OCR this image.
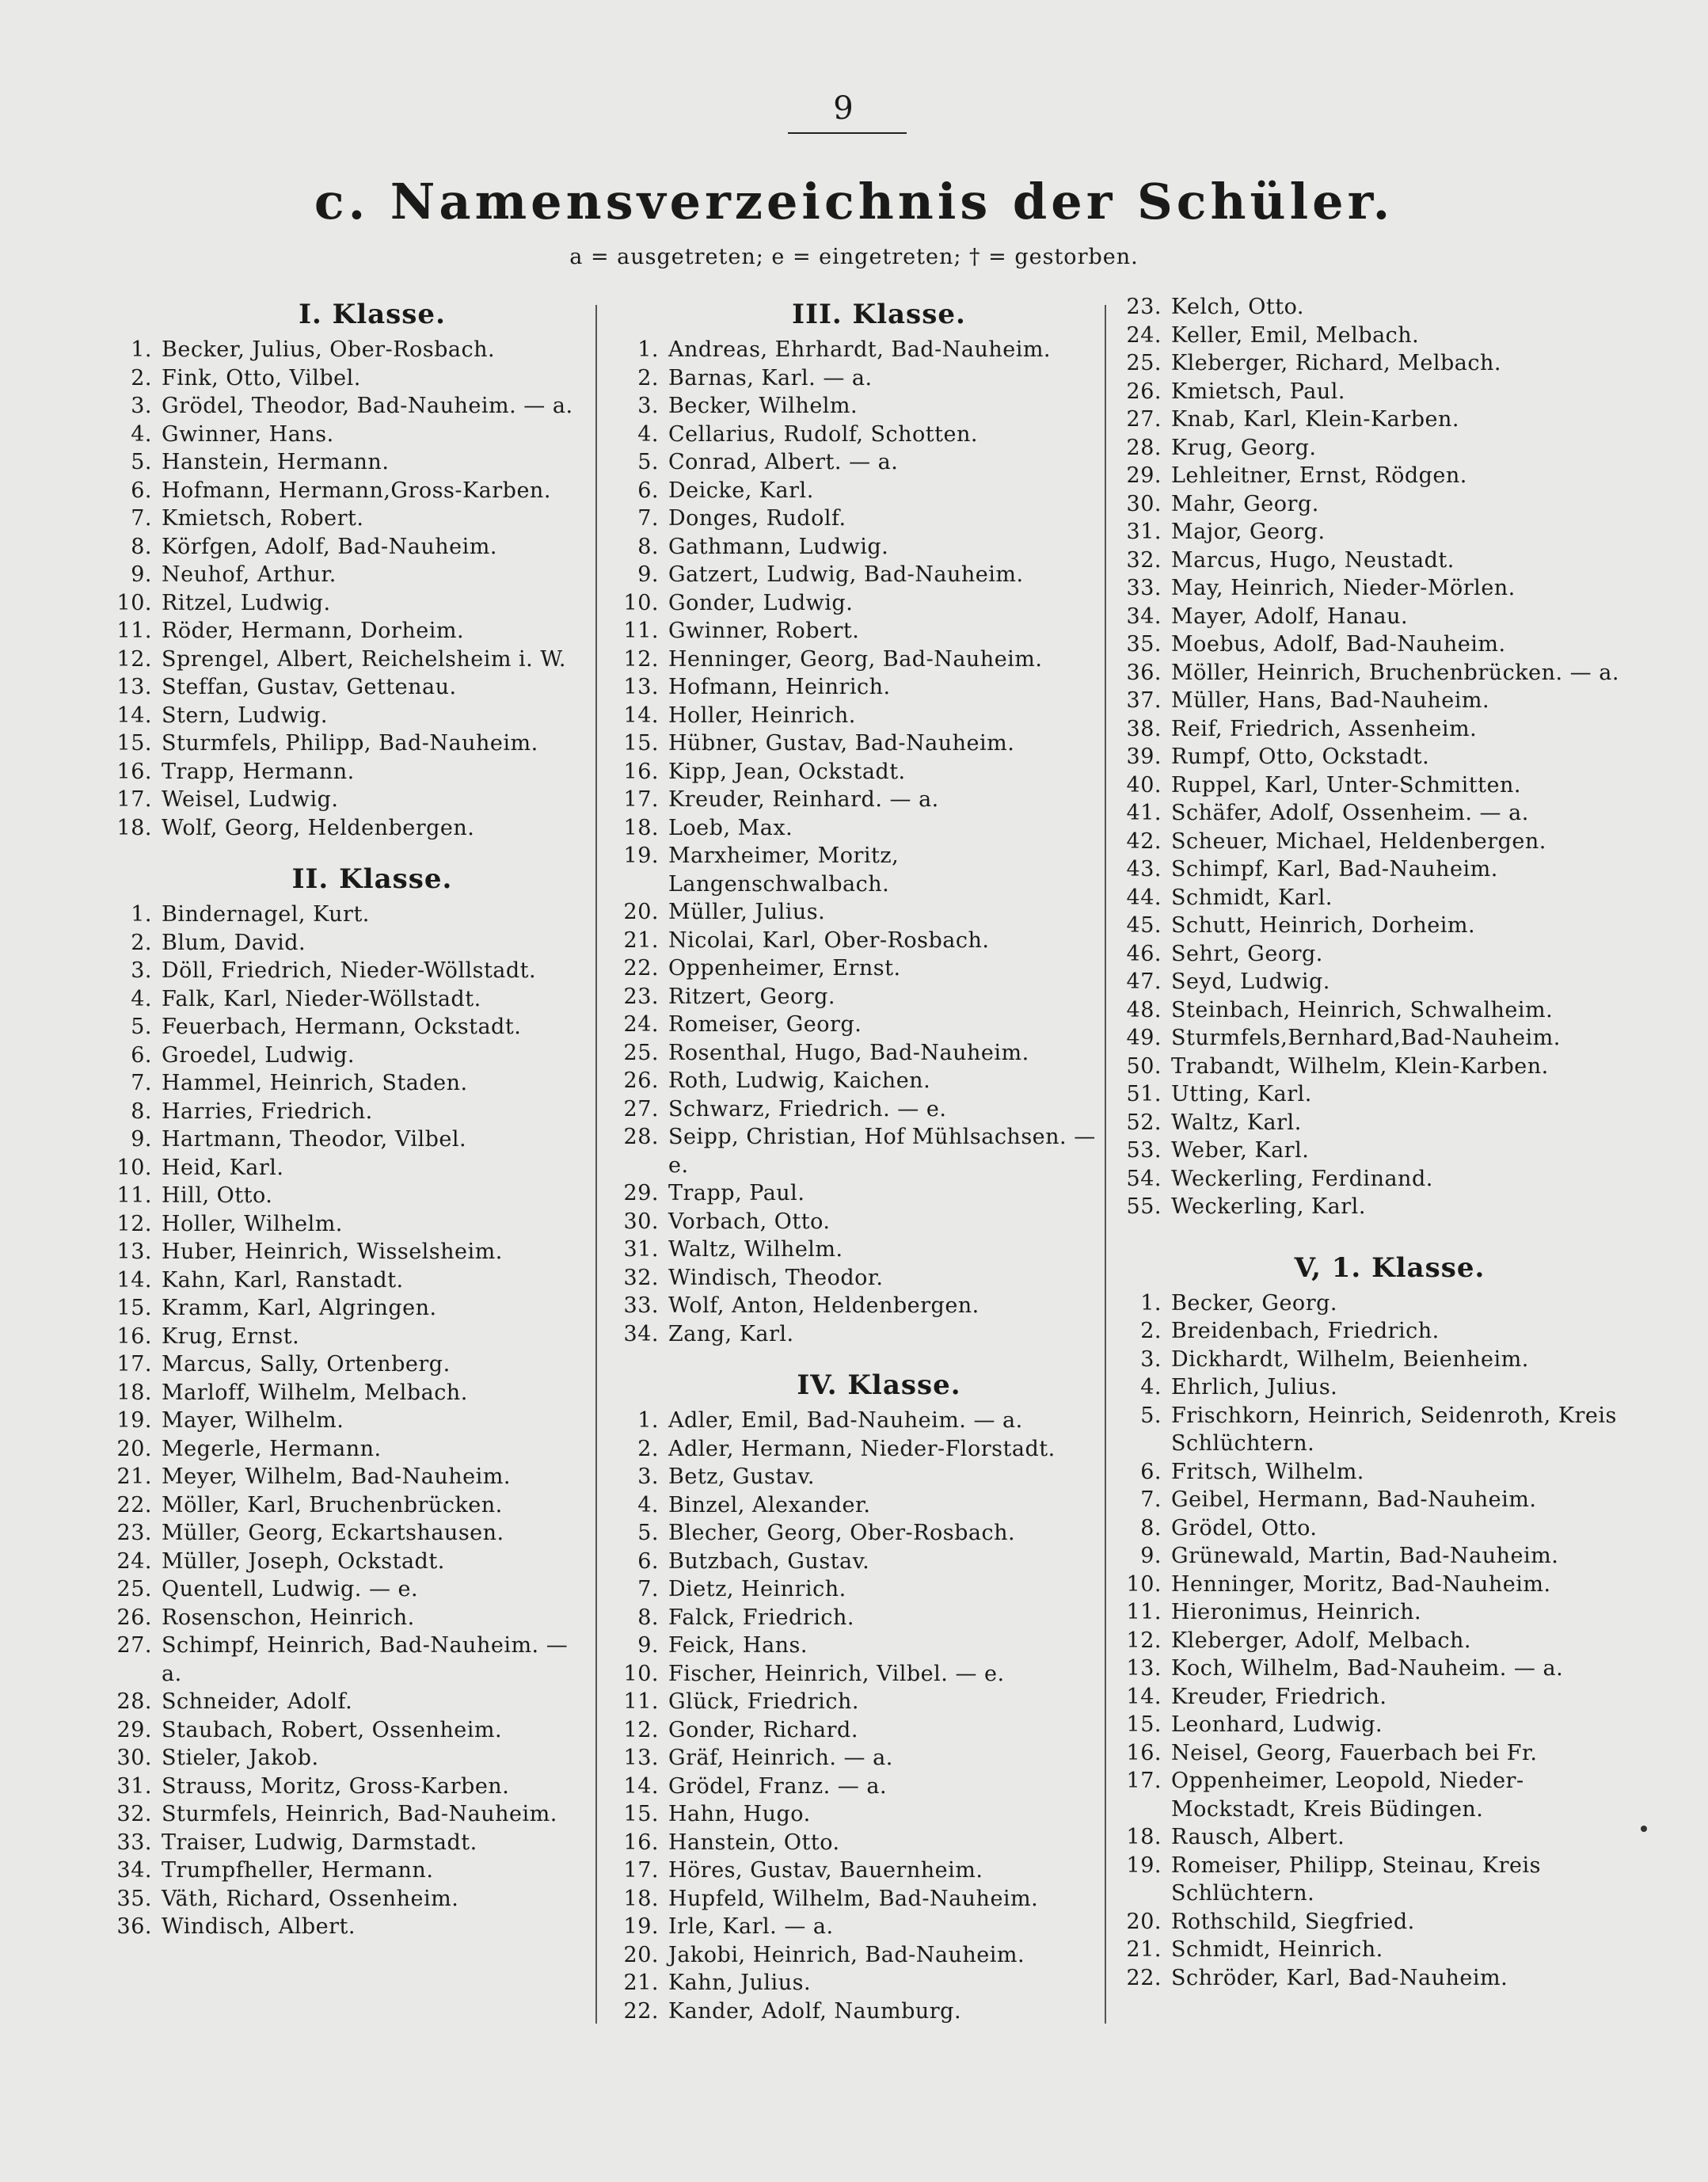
9
c. Namensverzeichnis der Schüler.
a = ausgetreten; e = eingetreten; † = gestorben.
I. Klasse.
1. Becker, Julius, Ober-Rosbach.
2. Fink, Otto, Vilbel.
3. Grödel, Theodor, Bad-Nauheim. — a.
4. Gwinner, Hans.
5. Hanstein, Hermann.
6. Hofmann, Hermann,Gross-Karben.
7. Kmietsch, Robert.
8. Körfgen, Adolf, Bad-Nauheim.
9. Neuhof, Arthur.
10. Ritzel, Ludwig.
11. Röder, Hermann, Dorheim.
12. Sprengel, Albert, Reichelsheim i. W.
13. Steffan, Gustav, Gettenau.
14. Stern, Ludwig.
15. Sturmfels, Philipp, Bad-Nauheim.
16. Trapp, Hermann.
17. Weisel, Ludwig.
18. Wolf, Georg, Heldenbergen.
II. Klasse.
1. Bindernagel, Kurt.
2. Blum, David.
3. Döll, Friedrich, Nieder-Wöllstadt.
4. Falk, Karl, Nieder-Wöllstadt.
5. Feuerbach, Hermann, Ockstadt.
6. Groedel, Ludwig.
7. Hammel, Heinrich, Staden.
8. Harries, Friedrich.
9. Hartmann, Theodor, Vilbel.
10. Heid, Karl.
11. Hill, Otto.
12. Holler, Wilhelm.
13. Huber, Heinrich, Wisselsheim.
14. Kahn, Karl, Ranstadt.
15. Kramm, Karl, Algringen.
16. Krug, Ernst.
17. Marcus, Sally, Ortenberg.
18. Marloff, Wilhelm, Melbach.
19. Mayer, Wilhelm.
20. Megerle, Hermann.
21. Meyer, Wilhelm, Bad-Nauheim.
22. Möller, Karl, Bruchenbrücken.
23. Müller, Georg, Eckartshausen.
24. Müller, Joseph, Ockstadt.
25. Quentell, Ludwig. — e.
26. Rosenschon, Heinrich.
27. Schimpf, Heinrich, Bad-Nauheim. — a.
28. Schneider, Adolf.
29. Staubach, Robert, Ossenheim.
30. Stieler, Jakob.
31. Strauss, Moritz, Gross-Karben.
32. Sturmfels, Heinrich, Bad-Nauheim.
33. Traiser, Ludwig, Darmstadt.
34. Trumpfheller, Hermann.
35. Väth, Richard, Ossenheim.
36. Windisch, Albert.
III. Klasse.
1. Andreas, Ehrhardt, Bad-Nauheim.
2. Barnas, Karl. — a.
3. Becker, Wilhelm.
4. Cellarius, Rudolf, Schotten.
5. Conrad, Albert. — a.
6. Deicke, Karl.
7. Donges, Rudolf.
8. Gathmann, Ludwig.
9. Gatzert, Ludwig, Bad-Nauheim.
10. Gonder, Ludwig.
11. Gwinner, Robert.
12. Henninger, Georg, Bad-Nauheim.
13. Hofmann, Heinrich.
14. Holler, Heinrich.
15. Hübner, Gustav, Bad-Nauheim.
16. Kipp, Jean, Ockstadt.
17. Kreuder, Reinhard. — a.
18. Loeb, Max.
19. Marxheimer, Moritz, Langenschwalbach.
20. Müller, Julius.
21. Nicolai, Karl, Ober-Rosbach.
22. Oppenheimer, Ernst.
23. Ritzert, Georg.
24. Romeiser, Georg.
25. Rosenthal, Hugo, Bad-Nauheim.
26. Roth, Ludwig, Kaichen.
27. Schwarz, Friedrich. — e.
28. Seipp, Christian, Hof Mühlsachsen. — e.
29. Trapp, Paul.
30. Vorbach, Otto.
31. Waltz, Wilhelm.
32. Windisch, Theodor.
33. Wolf, Anton, Heldenbergen.
34. Zang, Karl.
IV. Klasse.
1. Adler, Emil, Bad-Nauheim. — a.
2. Adler, Hermann, Nieder-Florstadt.
3. Betz, Gustav.
4. Binzel, Alexander.
5. Blecher, Georg, Ober-Rosbach.
6. Butzbach, Gustav.
7. Dietz, Heinrich.
8. Falck, Friedrich.
9. Feick, Hans.
10. Fischer, Heinrich, Vilbel. — e.
11. Glück, Friedrich.
12. Gonder, Richard.
13. Gräf, Heinrich. — a.
14. Grödel, Franz. — a.
15. Hahn, Hugo.
16. Hanstein, Otto.
17. Höres, Gustav, Bauernheim.
18. Hupfeld, Wilhelm, Bad-Nauheim.
19. Irle, Karl. — a.
20. Jakobi, Heinrich, Bad-Nauheim.
21. Kahn, Julius.
22. Kander, Adolf, Naumburg.
23. Kelch, Otto.
24. Keller, Emil, Melbach.
25. Kleberger, Richard, Melbach.
26. Kmietsch, Paul.
27. Knab, Karl, Klein-Karben.
28. Krug, Georg.
29. Lehleitner, Ernst, Rödgen.
30. Mahr, Georg.
31. Major, Georg.
32. Marcus, Hugo, Neustadt.
33. May, Heinrich, Nieder-Mörlen.
34. Mayer, Adolf, Hanau.
35. Moebus, Adolf, Bad-Nauheim.
36. Möller, Heinrich, Bruchenbrücken. — a.
37. Müller, Hans, Bad-Nauheim.
38. Reif, Friedrich, Assenheim.
39. Rumpf, Otto, Ockstadt.
40. Ruppel, Karl, Unter-Schmitten.
41. Schäfer, Adolf, Ossenheim. — a.
42. Scheuer, Michael, Heldenbergen.
43. Schimpf, Karl, Bad-Nauheim.
44. Schmidt, Karl.
45. Schutt, Heinrich, Dorheim.
46. Sehrt, Georg.
47. Seyd, Ludwig.
48. Steinbach, Heinrich, Schwalheim.
49. Sturmfels,Bernhard,Bad-Nauheim.
50. Trabandt, Wilhelm, Klein-Karben.
51. Utting, Karl.
52. Waltz, Karl.
53. Weber, Karl.
54. Weckerling, Ferdinand.
55. Weckerling, Karl.
V, 1. Klasse.
1. Becker, Georg.
2. Breidenbach, Friedrich.
3. Dickhardt, Wilhelm, Beienheim.
4. Ehrlich, Julius.
5. Frischkorn, Heinrich, Seidenroth, Kreis Schlüchtern.
6. Fritsch, Wilhelm.
7. Geibel, Hermann, Bad-Nauheim.
8. Grödel, Otto.
9. Grünewald, Martin, Bad-Nauheim.
10. Henninger, Moritz, Bad-Nauheim.
11. Hieronimus, Heinrich.
12. Kleberger, Adolf, Melbach.
13. Koch, Wilhelm, Bad-Nauheim. — a.
14. Kreuder, Friedrich.
15. Leonhard, Ludwig.
16. Neisel, Georg, Fauerbach bei Fr.
17. Oppenheimer, Leopold, Nieder-Mockstadt, Kreis Büdingen.
18. Rausch, Albert.
19. Romeiser, Philipp, Steinau, Kreis Schlüchtern.
20. Rothschild, Siegfried.
21. Schmidt, Heinrich.
22. Schröder, Karl, Bad-Nauheim.
